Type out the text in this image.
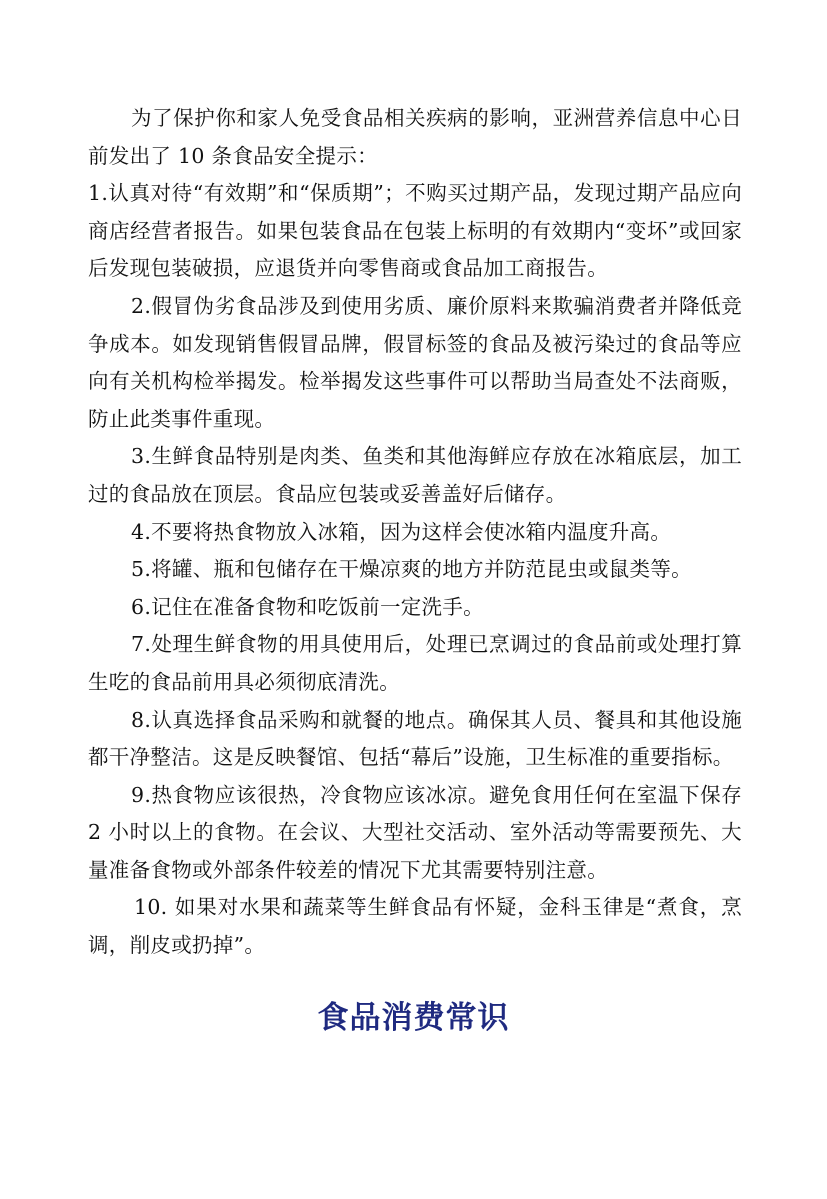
为了保护你和家人免受食品相关疾病的影响，亚洲营养信息中心日前发出了 10 条食品安全提示：

1.认真对待“有效期”和“保质期”；不购买过期产品，发现过期产品应向商店经营者报告。如果包装食品在包装上标明的有效期内“变坏”或回家后发现包装破损，应退货并向零售商或食品加工商报告。

2.假冒伪劣食品涉及到使用劣质、廉价原料来欺骗消费者并降低竞争成本。如发现销售假冒品牌，假冒标签的食品及被污染过的食品等应向有关机构检举揭发。检举揭发这些事件可以帮助当局查处不法商贩，防止此类事件重现。

3.生鲜食品特别是肉类、鱼类和其他海鲜应存放在冰箱底层，加工过的食品放在顶层。食品应包装或妥善盖好后储存。

4.不要将热食物放入冰箱，因为这样会使冰箱内温度升高。

5.将罐、瓶和包储存在干燥凉爽的地方并防范昆虫或鼠类等。

6.记住在准备食物和吃饭前一定洗手。

7.处理生鲜食物的用具使用后，处理已烹调过的食品前或处理打算生吃的食品前用具必须彻底清洗。

8.认真选择食品采购和就餐的地点。确保其人员、餐具和其他设施都干净整洁。这是反映餐馆、包括“幕后”设施，卫生标准的重要指标。

9.热食物应该很热，冷食物应该冰凉。避免食用任何在室温下保存 2 小时以上的食物。在会议、大型社交活动、室外活动等需要预先、大量准备食物或外部条件较差的情况下尤其需要特别注意。

10. 如果对水果和蔬菜等生鲜食品有怀疑，金科玉律是“煮食，烹调，削皮或扔掉”。

食品消费常识
